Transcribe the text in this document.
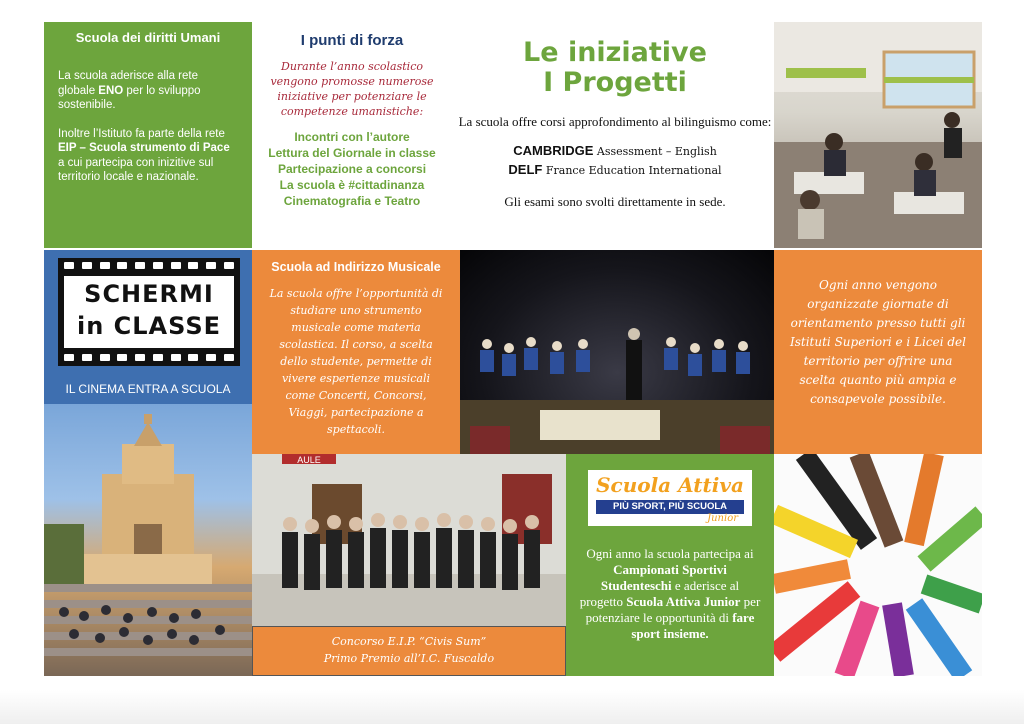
Scuola dei diritti Umani

La scuola aderisce alla rete globale ENO per lo sviluppo sostenibile.

Inoltre l’Istituto fa parte della rete EIP – Scuola strumento di Pace a cui partecipa con inizitive sul territorio locale e nazionale.

I punti di forza

Durante l’anno scolastico vengono promosse numerose iniziative per potenziare le competenze umanistiche:

Incontri con l’autore
Lettura del Giornale in classe
Partecipazione a concorsi
La scuola è #cittadinanza
Cinematografia e Teatro
Le iniziative
I Progetti
La scuola offre corsi approfondimento al bilinguismo come:
CAMBRIDGE Assessment – English
DELF France Education International
Gli esami sono svolti direttamente in sede.
SCHERMI
in CLASSE
IL CINEMA ENTRA A SCUOLA
Scuola ad Indirizzo Musicale

La scuola offre l’opportunità di studiare uno strumento musicale come materia scolastica. Il corso, a scelta dello studente, permette di vivere esperienze musicali come Concerti, Concorsi, Viaggi, partecipazione a spettacoli.

Ogni anno vengono organizzate giornate di orientamento presso tutti gli Istituti Superiori e i Licei del territorio per offrire una scelta quanto più ampia e consapevole possibile.

AULE
Concorso E.I.P. “Civis Sum”
Primo Premio all’I.C. Fuscaldo
Scuola Attiva
PIÙ SPORT, PIÙ SCUOLA
Junior

Ogni anno la scuola partecipa ai Campionati Sportivi Studenteschi e aderisce al progetto Scuola Attiva Junior per potenziare le opportunità di fare sport insieme.
